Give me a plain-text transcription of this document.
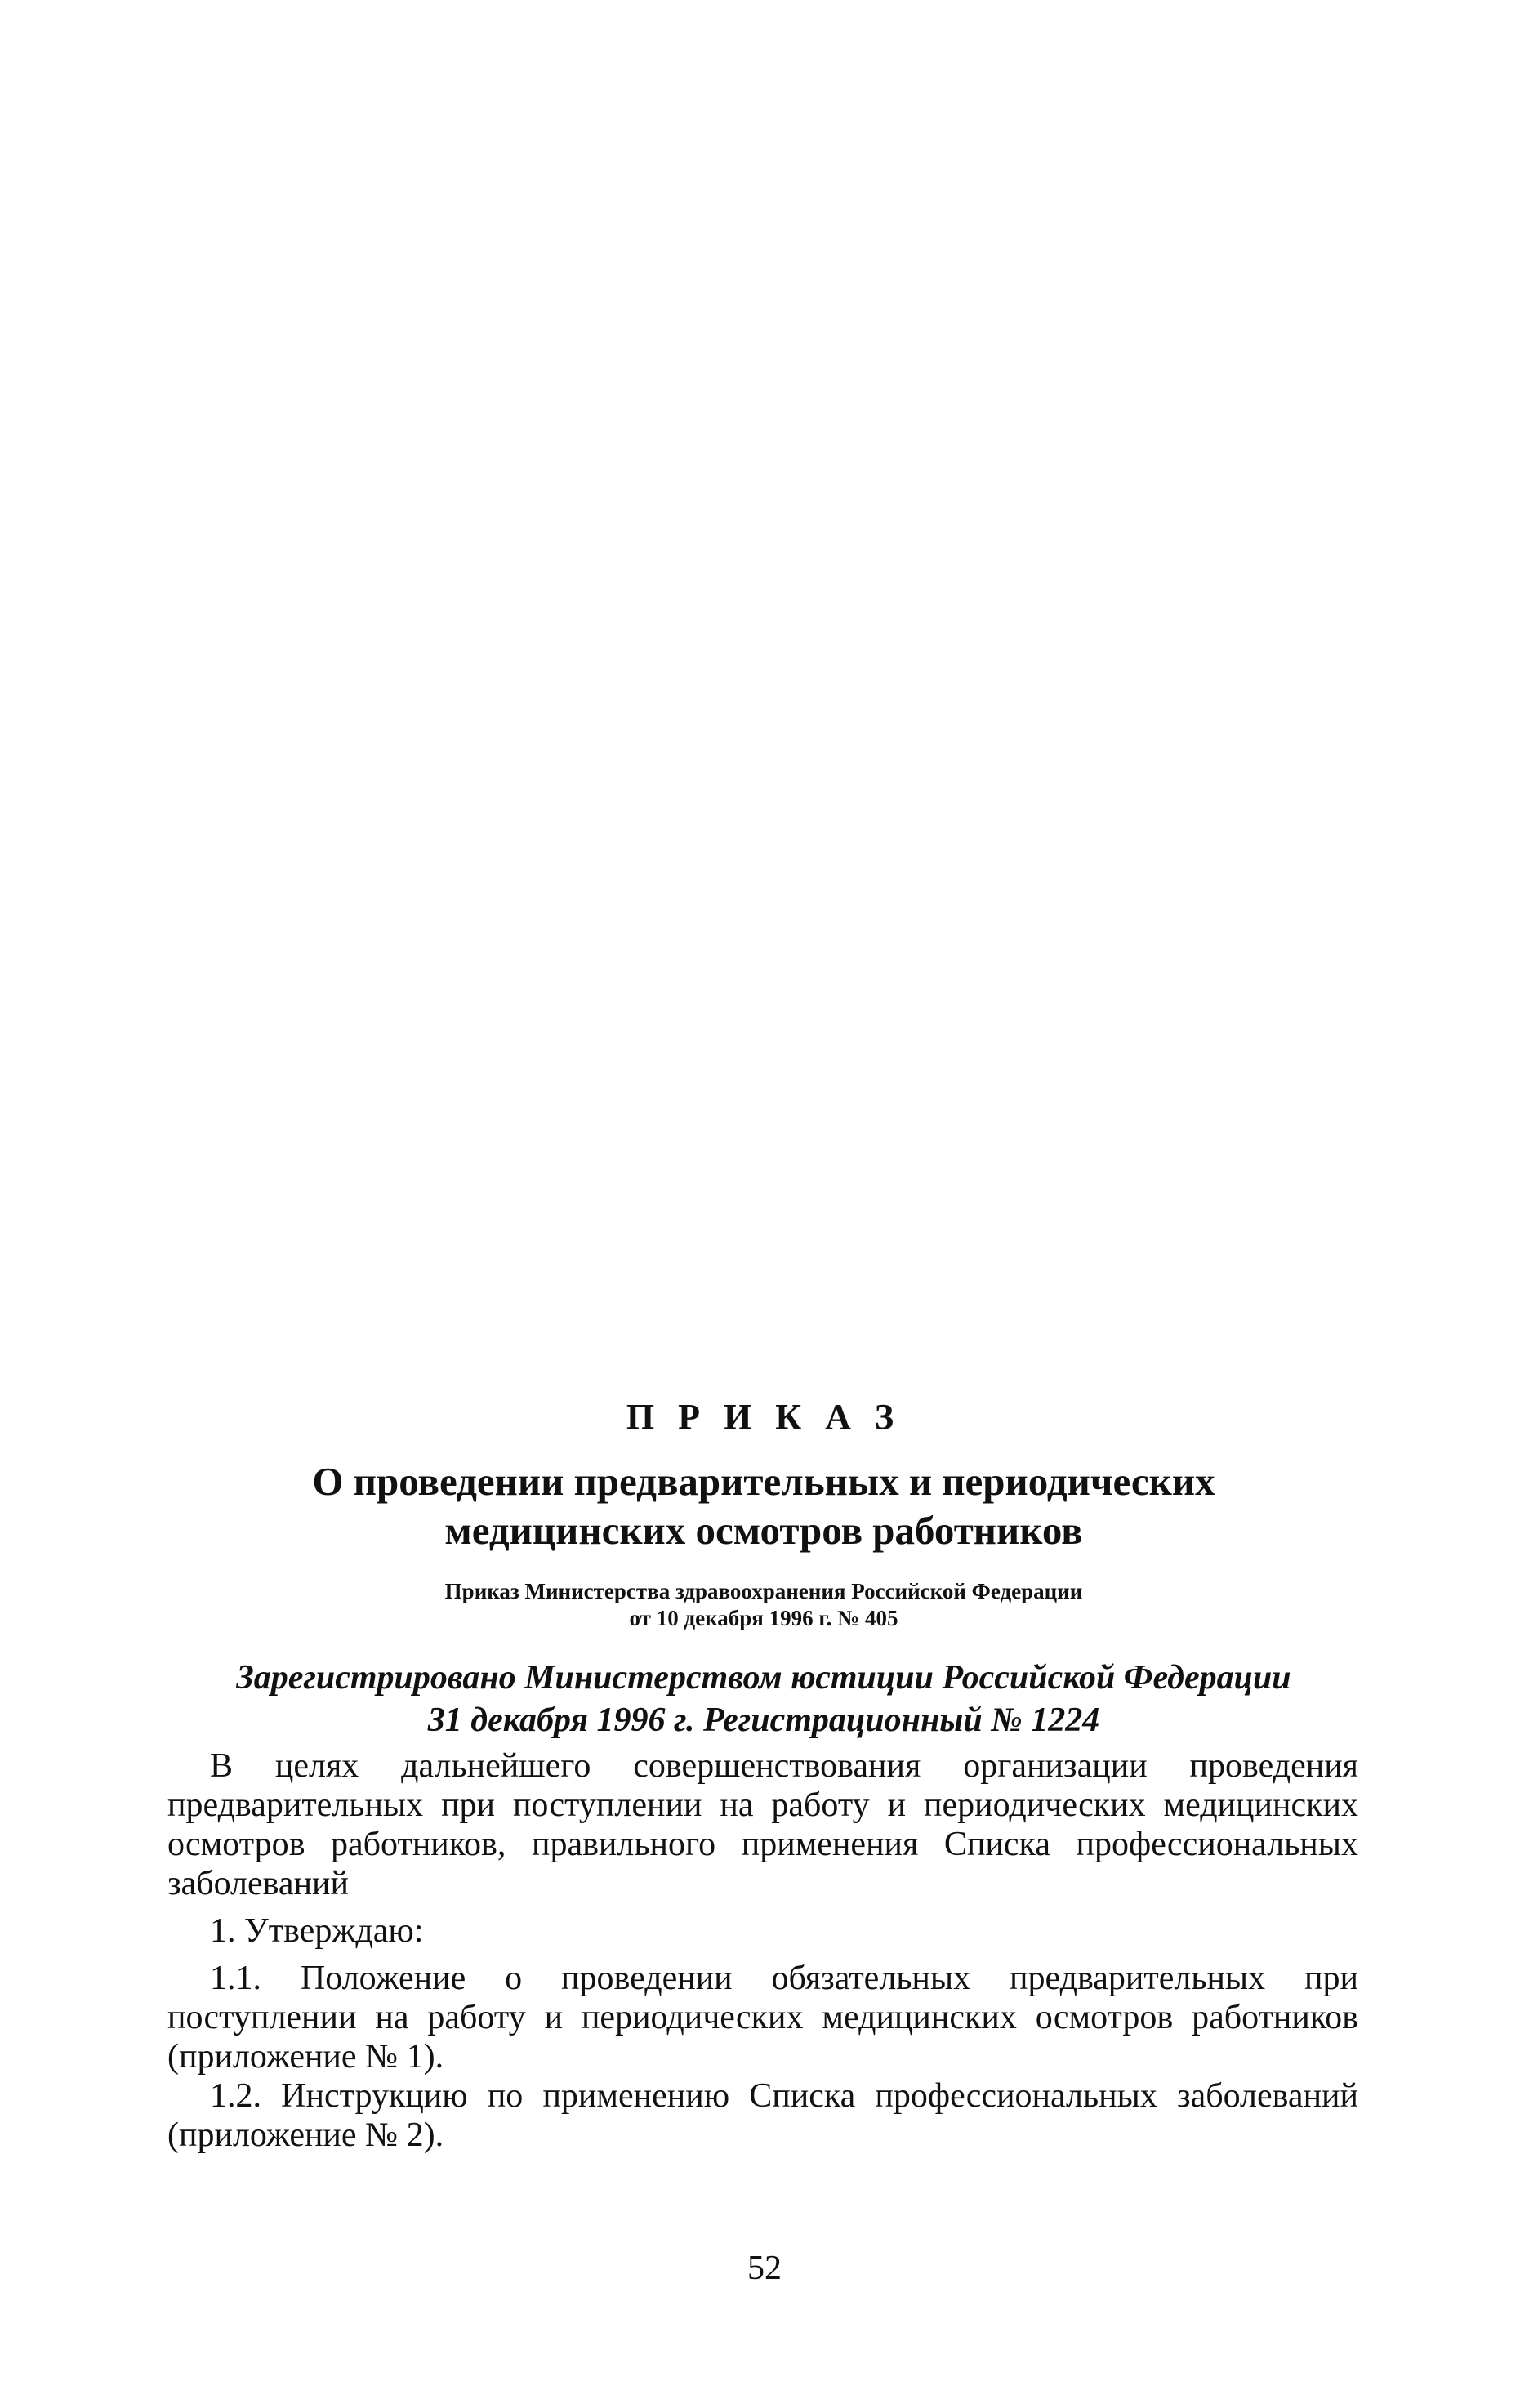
П Р И К А З
О проведении предварительных и периодических
медицинских осмотров работников
Приказ Министерства здравоохранения Российской Федерации
от 10 декабря 1996 г. № 405
Зарегистрировано Министерством юстиции Российской Федерации
31 декабря 1996 г. Регистрационный № 1224

В целях дальнейшего совершенствования организации проведения предварительных при поступлении на работу и периодических медицинских осмотров работников, правильного применения Списка профессиональных заболеваний

1. Утверждаю:

1.1. Положение о проведении обязательных предварительных при поступлении на работу и периодических медицинских осмотров работников (приложение № 1).

1.2. Инструкцию по применению Списка профессиональных заболеваний (приложение № 2).

52
